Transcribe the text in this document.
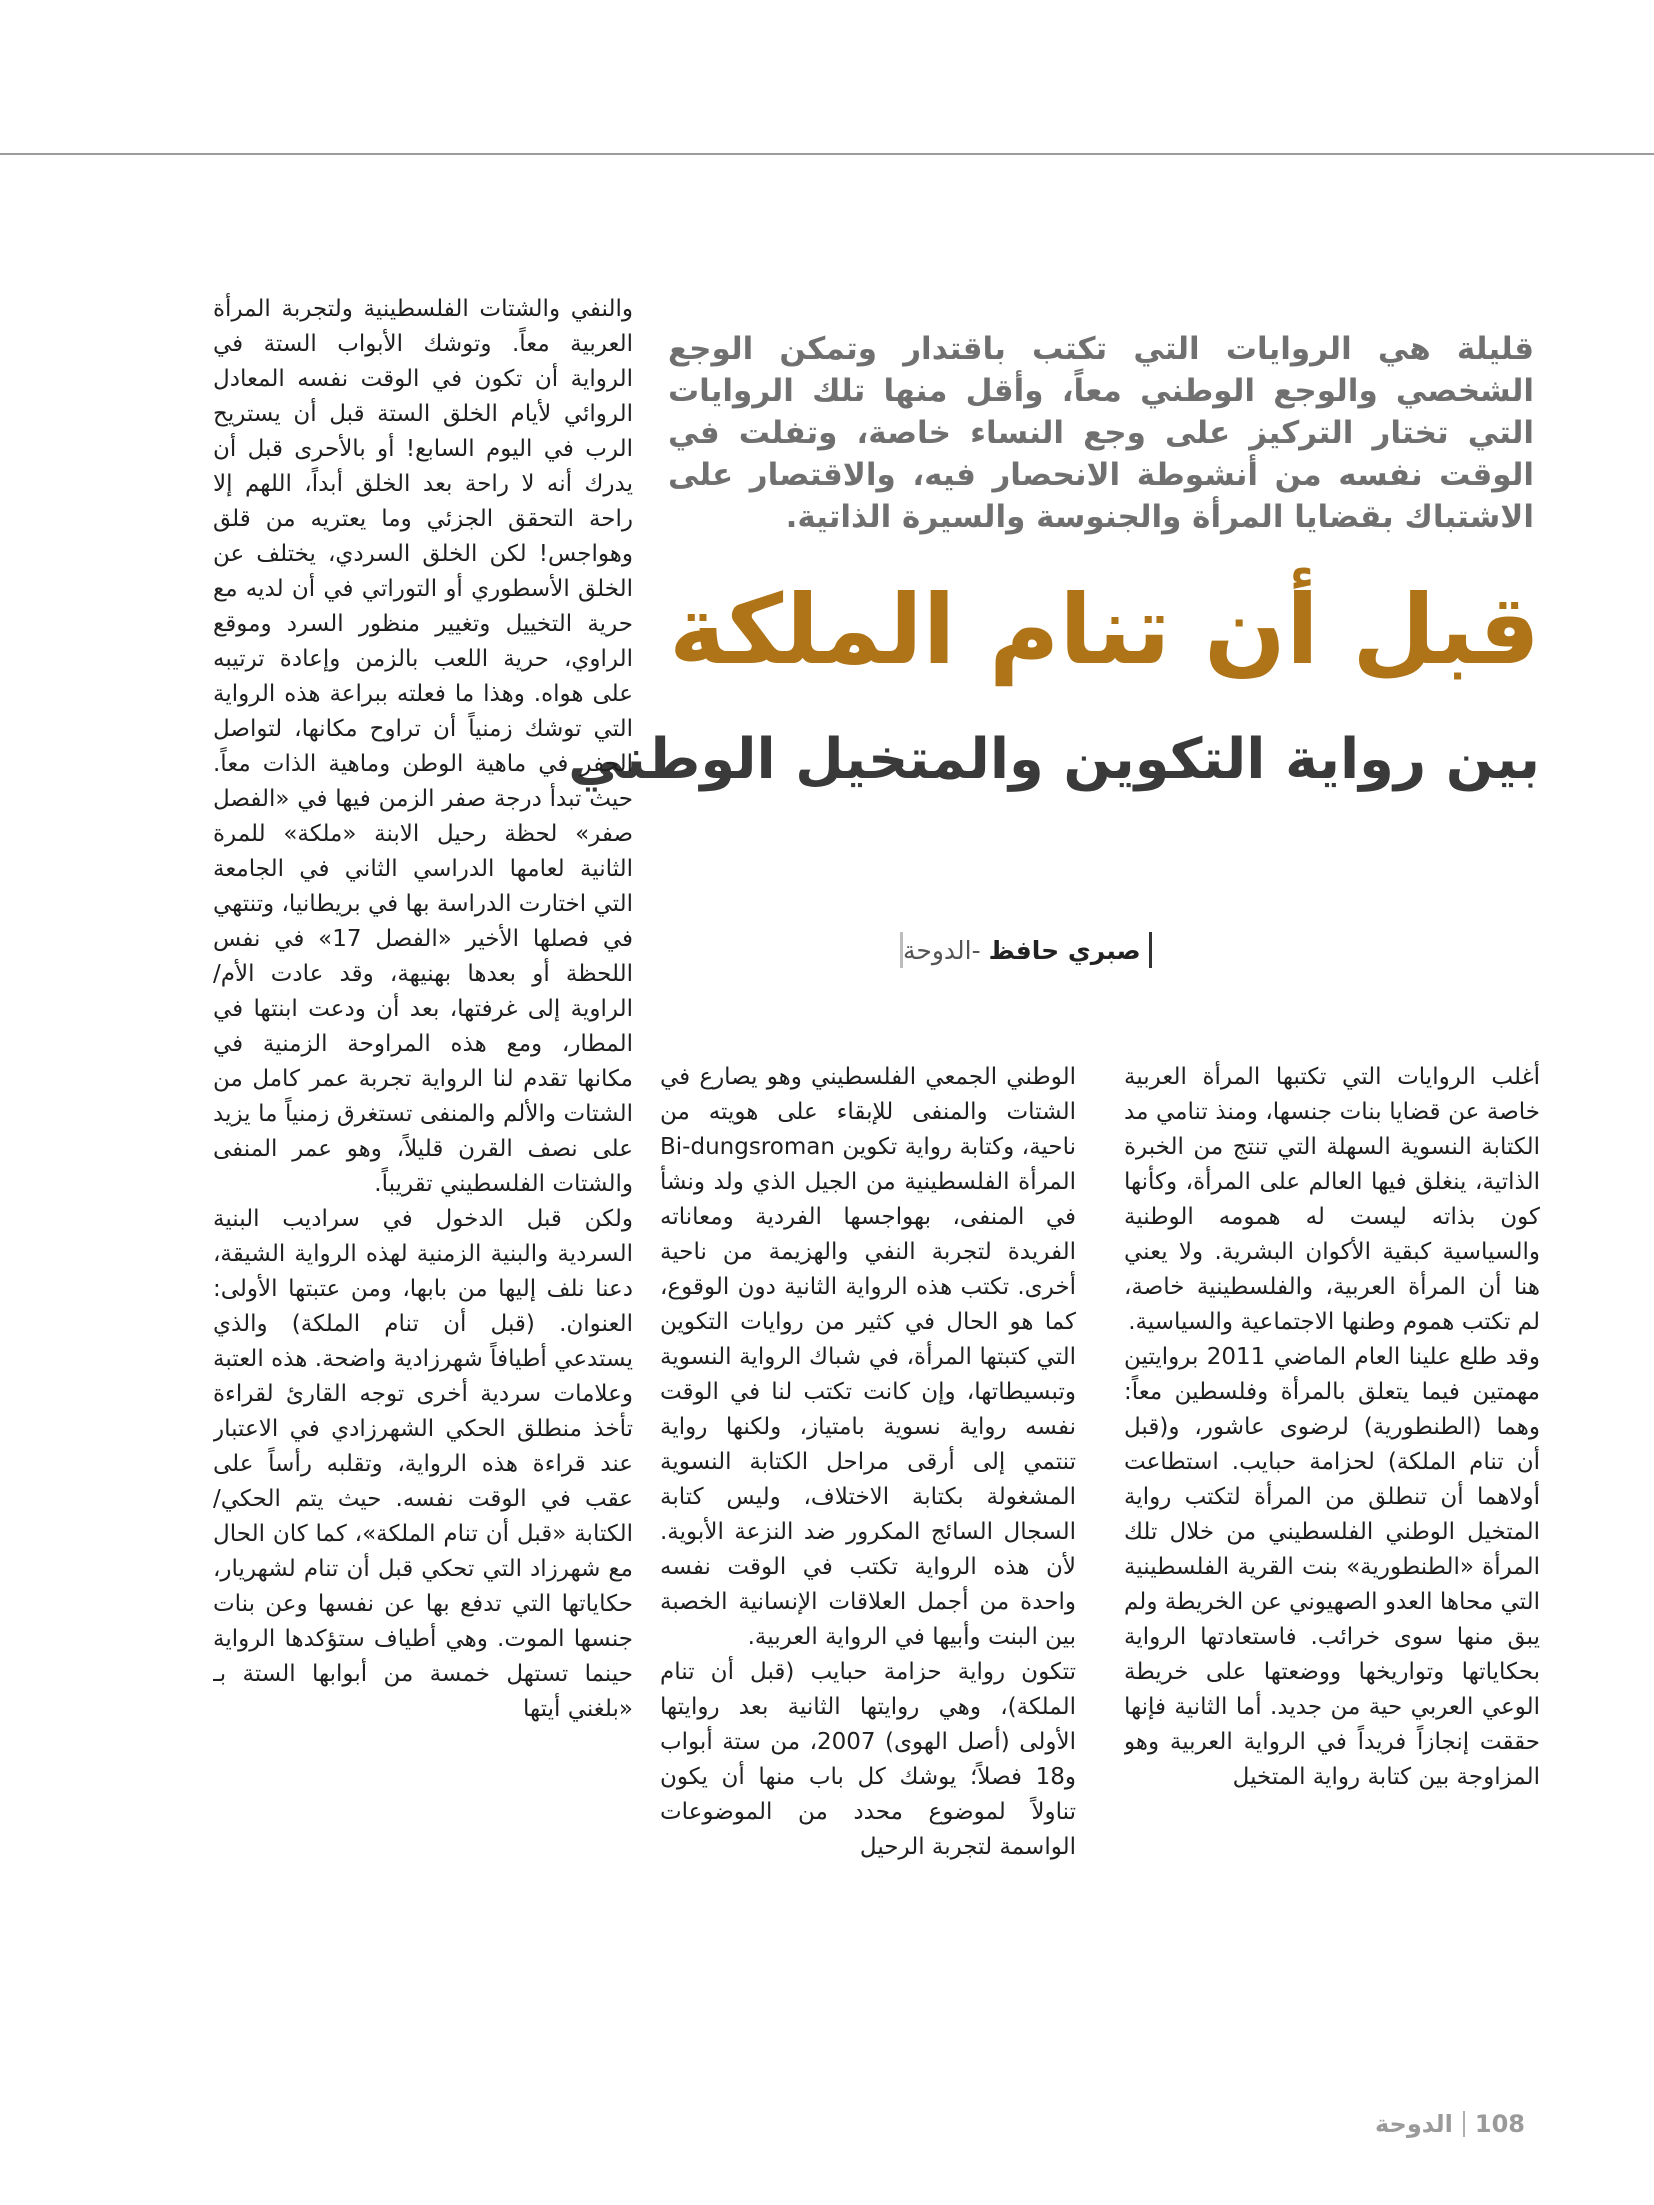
قليلة هي الروايات التي تكتب باقتدار وتمكن الوجع الشخصي والوجع الوطني معاً، وأقل منها تلك الروايات التي تختار التركيز على وجع النساء خاصة، وتفلت في الوقت نفسه من أنشوطة الانحصار فيه، والاقتصار على الاشتباك بقضايا المرأة والجنوسة والسيرة الذاتية.

قبل أن تنام الملكة
بين رواية التكوين والمتخيل الوطني
صبري حافظ
-الدوحة

أغلب الروايات التي تكتبها المرأة العربية خاصة عن قضايا بنات جنسها، ومنذ تنامي مد الكتابة النسوية السهلة التي تنتج من الخبرة الذاتية، ينغلق فيها العالم على المرأة، وكأنها كون بذاته ليست له همومه الوطنية والسياسية كبقية الأكوان البشرية. ولا يعني هنا أن المرأة العربية، والفلسطينية خاصة، لم تكتب هموم وطنها الاجتماعية والسياسية.

وقد طلع علينا العام الماضي 2011 بروايتين مهمتين فيما يتعلق بالمرأة وفلسطين معاً: وهما (الطنطورية) لرضوى عاشور، و(قبل أن تنام الملكة) لحزامة حبايب. استطاعت أولاهما أن تنطلق من المرأة لتكتب رواية المتخيل الوطني الفلسطيني من خلال تلك المرأة «الطنطورية» بنت القرية الفلسطينية التي محاها العدو الصهيوني عن الخريطة ولم يبق منها سوى خرائب. فاستعادتها الرواية بحكاياتها وتواريخها ووضعتها على خريطة الوعي العربي حية من جديد. أما الثانية فإنها حققت إنجازاً فريداً في الرواية العربية وهو المزاوجة بين كتابة رواية المتخيل

الوطني الجمعي الفلسطيني وهو يصارع في الشتات والمنفى للإبقاء على هويته من ناحية، وكتابة رواية تكوين Bi-dungsroman المرأة الفلسطينية من الجيل الذي ولد ونشأ في المنفى، بهواجسها الفردية ومعاناته الفريدة لتجربة النفي والهزيمة من ناحية أخرى. تكتب هذه الرواية الثانية دون الوقوع، كما هو الحال في كثير من روايات التكوين التي كتبتها المرأة، في شباك الرواية النسوية وتبسيطاتها، وإن كانت تكتب لنا في الوقت نفسه رواية نسوية بامتياز، ولكنها رواية تنتمي إلى أرقى مراحل الكتابة النسوية المشغولة بكتابة الاختلاف، وليس كتابة السجال السائج المكرور ضد النزعة الأبوية. لأن هذه الرواية تكتب في الوقت نفسه واحدة من أجمل العلاقات الإنسانية الخصبة بين البنت وأبيها في الرواية العربية.

تتكون رواية حزامة حبايب (قبل أن تنام الملكة)، وهي روايتها الثانية بعد روايتها الأولى (أصل الهوى) 2007، من ستة أبواب و18 فصلاً؛ يوشك كل باب منها أن يكون تناولاً لموضوع محدد من الموضوعات الواسمة لتجربة الرحيل

والنفي والشتات الفلسطينية ولتجربة المرأة العربية معاً. وتوشك الأبواب الستة في الرواية أن تكون في الوقت نفسه المعادل الروائي لأيام الخلق الستة قبل أن يستريح الرب في اليوم السابع! أو بالأحرى قبل أن يدرك أنه لا راحة بعد الخلق أبداً، اللهم إلا راحة التحقق الجزئي وما يعتريه من قلق وهواجس! لكن الخلق السردي، يختلف عن الخلق الأسطوري أو التوراتي في أن لديه مع حرية التخييل وتغيير منظور السرد وموقع الراوي، حرية اللعب بالزمن وإعادة ترتيبه على هواه. وهذا ما فعلته ببراعة هذه الرواية التي توشك زمنياً أن تراوح مكانها، لتواصل الحفر في ماهية الوطن وماهية الذات معاً. حيث تبدأ درجة صفر الزمن فيها في «الفصل صفر» لحظة رحيل الابنة «ملكة» للمرة الثانية لعامها الدراسي الثاني في الجامعة التي اختارت الدراسة بها في بريطانيا، وتنتهي في فصلها الأخير «الفصل 17» في نفس اللحظة أو بعدها بهنيهة، وقد عادت الأم/ الراوية إلى غرفتها، بعد أن ودعت ابنتها في المطار، ومع هذه المراوحة الزمنية في مكانها تقدم لنا الرواية تجربة عمر كامل من الشتات والألم والمنفى تستغرق زمنياً ما يزيد على نصف القرن قليلاً، وهو عمر المنفى والشتات الفلسطيني تقريباً.

ولكن قبل الدخول في سراديب البنية السردية والبنية الزمنية لهذه الرواية الشيقة، دعنا نلف إليها من بابها، ومن عتبتها الأولى: العنوان. (قبل أن تنام الملكة) والذي يستدعي أطيافاً شهرزادية واضحة. هذه العتبة وعلامات سردية أخرى توجه القارئ لقراءة تأخذ منطلق الحكي الشهرزادي في الاعتبار عند قراءة هذه الرواية، وتقلبه رأساً على عقب في الوقت نفسه. حيث يتم الحكي/ الكتابة «قبل أن تنام الملكة»، كما كان الحال مع شهرزاد التي تحكي قبل أن تنام لشهريار، حكاياتها التي تدفع بها عن نفسها وعن بنات جنسها الموت. وهي أطياف ستؤكدها الرواية حينما تستهل خمسة من أبوابها الستة بـ «بلغني أيتها

الدوحة 108
